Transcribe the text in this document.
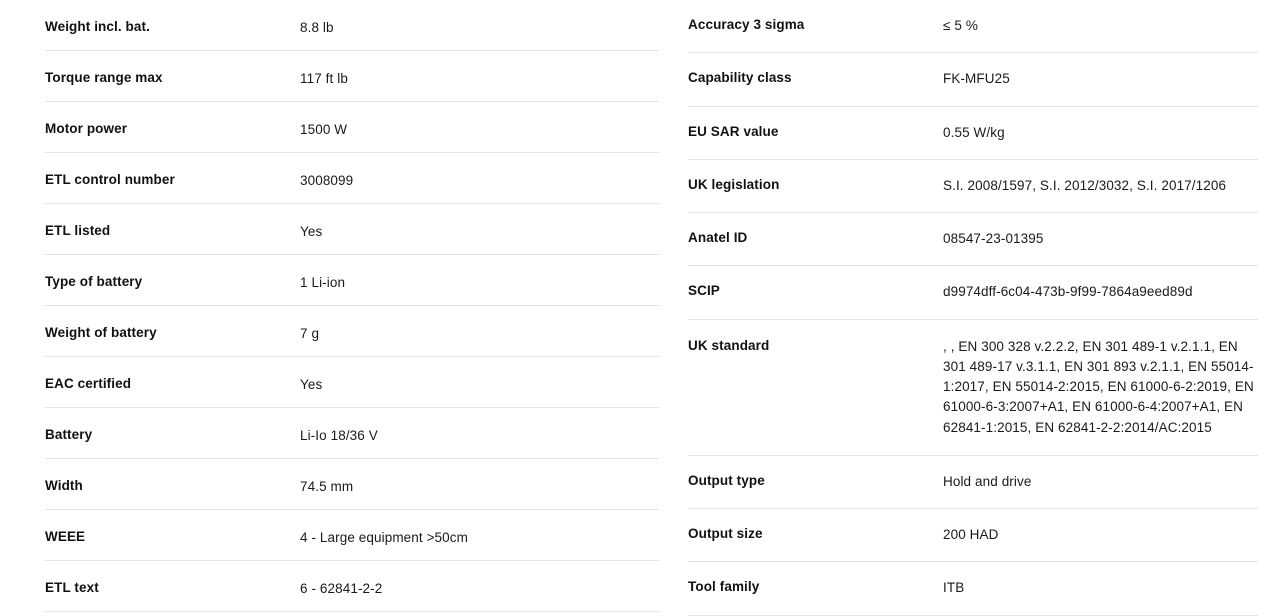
Weight incl. bat.	8.8 lb
Torque range max	117 ft lb
Motor power	1500 W
ETL control number	3008099
ETL listed	Yes
Type of battery	1 Li-ion
Weight of battery	7 g
EAC certified	Yes
Battery	Li-Io 18/36 V
Width	74.5 mm
WEEE	4 - Large equipment >50cm
ETL text	6 - 62841-2-2
Accuracy 3 sigma	≤ 5 %
Capability class	FK-MFU25
EU SAR value	0.55 W/kg
UK legislation	S.I. 2008/1597, S.I. 2012/3032, S.I. 2017/1206
Anatel ID	08547-23-01395
SCIP	d9974dff-6c04-473b-9f99-7864a9eed89d
UK standard	, , EN 300 328 v.2.2.2, EN 301 489-1 v.2.1.1, EN 301 489-17 v.3.1.1, EN 301 893 v.2.1.1, EN 55014-1:2017, EN 55014-2:2015, EN 61000-6-2:2019, EN 61000-6-3:2007+A1, EN 61000-6-4:2007+A1, EN 62841-1:2015, EN 62841-2-2:2014/AC:2015
Output type	Hold and drive
Output size	200 HAD
Tool family	ITB
